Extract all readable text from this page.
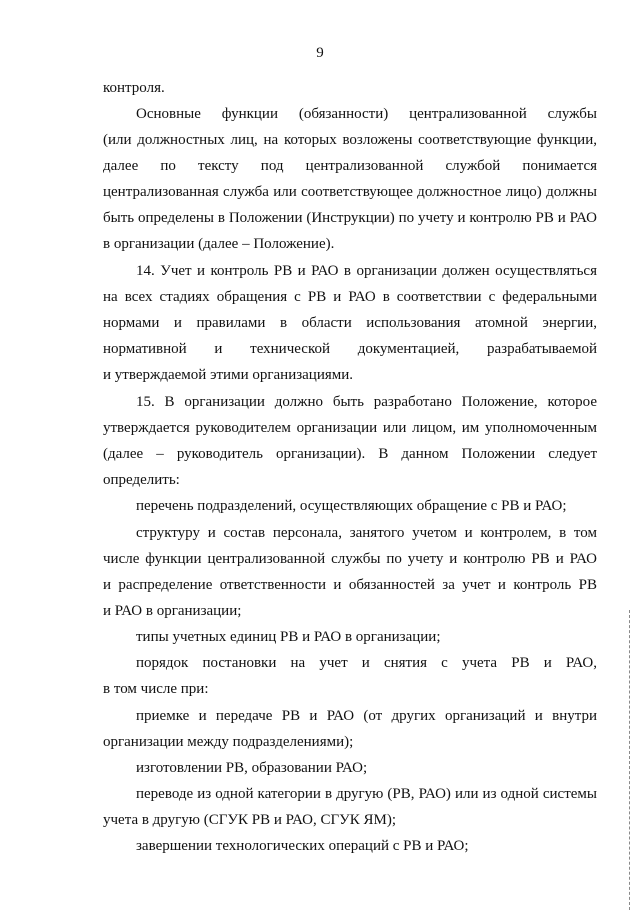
9
контроля.
Основные функции (обязанности) централизованной службы
(или должностных лиц, на которых возложены соответствующие функции,
далее по тексту под централизованной службой понимается
централизованная служба или соответствующее должностное лицо) должны
быть определены в Положении (Инструкции) по учету и контролю РВ и РАО
в организации (далее – Положение).
14. Учет и контроль РВ и РАО в организации должен осуществляться
на всех стадиях обращения с РВ и РАО в соответствии с федеральными
нормами и правилами в области использования атомной энергии,
нормативной и технической документацией, разрабатываемой
и утверждаемой этими организациями.
15. В организации должно быть разработано Положение, которое
утверждается руководителем организации или лицом, им уполномоченным
(далее – руководитель организации). В данном Положении следует
определить:
перечень подразделений, осуществляющих обращение с РВ и РАО;
структуру и состав персонала, занятого учетом и контролем, в том
числе функции централизованной службы по учету и контролю РВ и РАО
и распределение ответственности и обязанностей за учет и контроль РВ
и РАО в организации;
типы учетных единиц РВ и РАО в организации;
порядок постановки на учет и снятия с учета РВ и РАО,
в том числе при:
приемке и передаче РВ и РАО (от других организаций и внутри
организации между подразделениями);
изготовлении РВ, образовании РАО;
переводе из одной категории в другую (РВ, РАО) или из одной системы
учета в другую (СГУК РВ и РАО, СГУК ЯМ);
завершении технологических операций с РВ и РАО;
